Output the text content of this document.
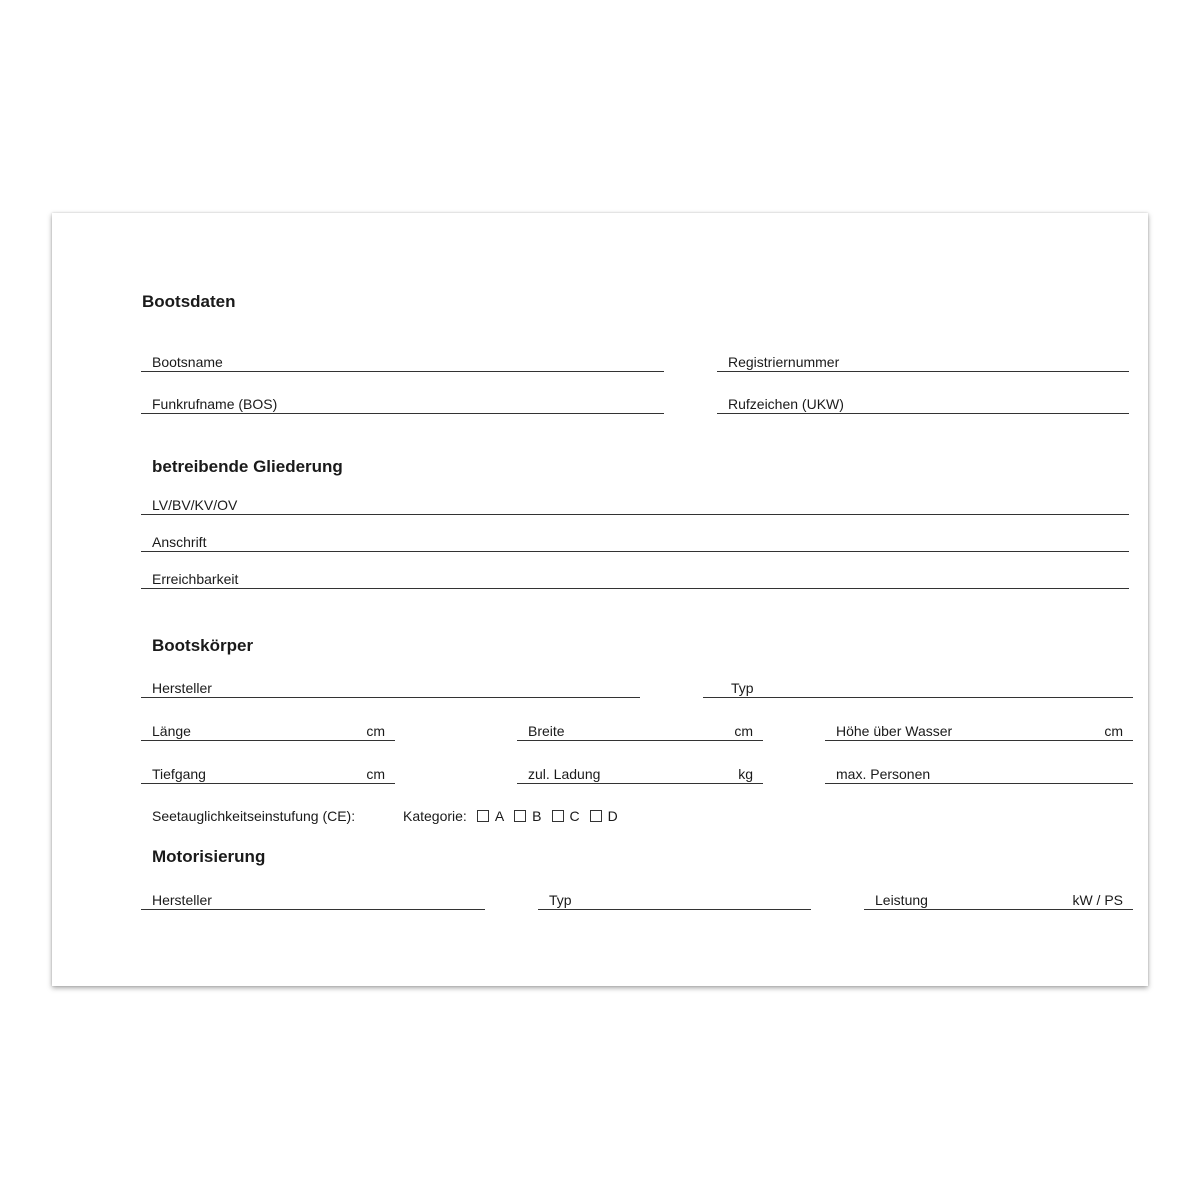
Bootsdaten
Bootsname	Registriernummer
Funkrufname (BOS)	Rufzeichen (UKW)
betreibende Gliederung
LV/BV/KV/OV
Anschrift
Erreichbarkeit
Bootskörper
Hersteller	Typ
Länge	cm	Breite	cm	Höhe über Wasser	cm
Tiefgang	cm	zul. Ladung	kg	max. Personen
Seetauglichkeitseinstufung (CE):	Kategorie: A B C D
Motorisierung
Hersteller	Typ	Leistung	kW / PS
